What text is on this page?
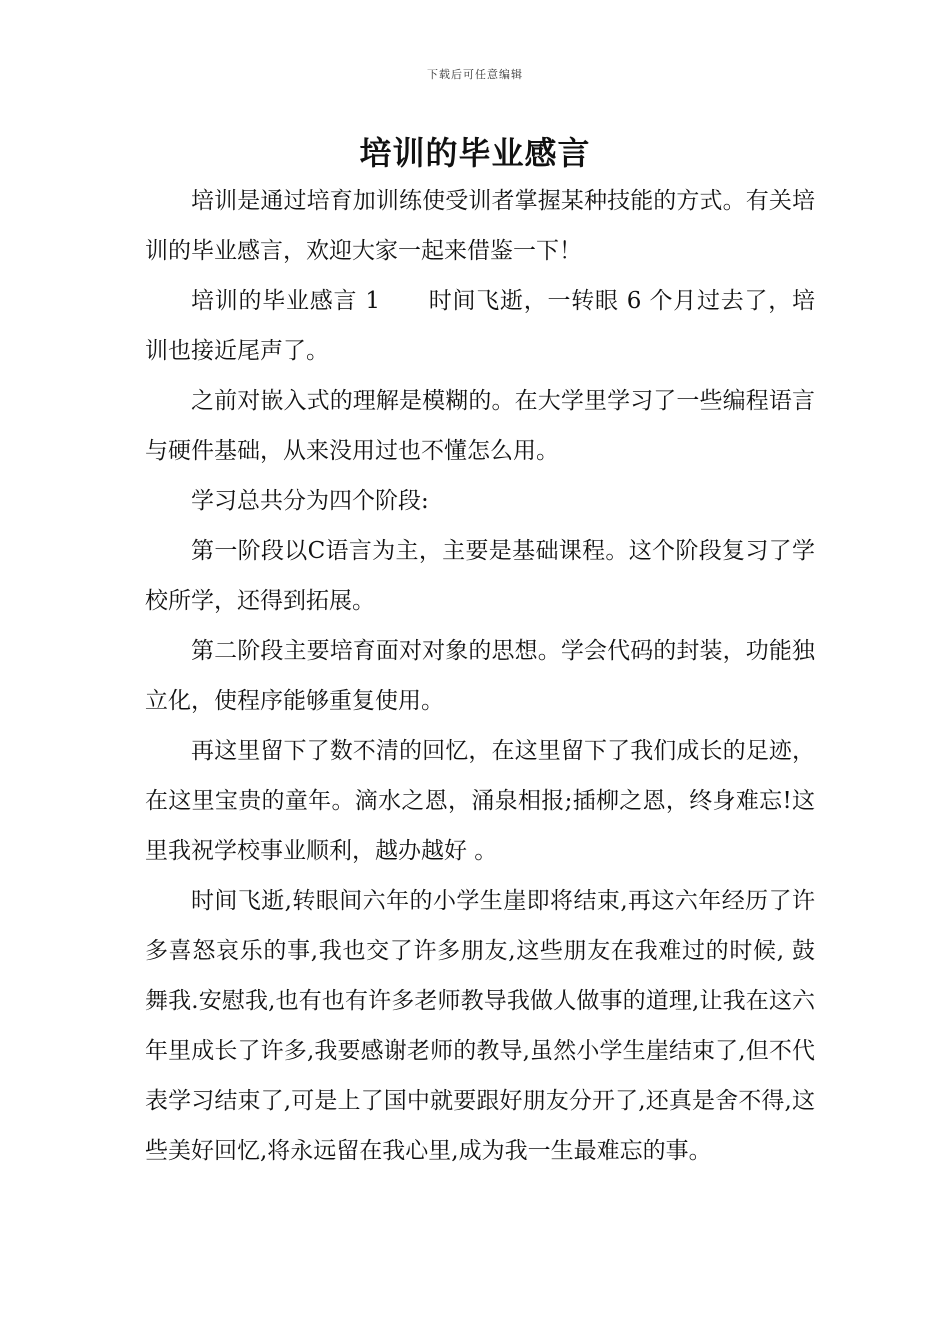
下载后可任意编辑
培训的毕业感言

培训是通过培育加训练使受训者掌握某种技能的方式。有关培训的毕业感言，欢迎大家一起来借鉴一下！

培训的毕业感言 1 时间飞逝，一转眼 6 个月过去了，培训也接近尾声了。

之前对嵌入式的理解是模糊的。在大学里学习了一些编程语言与硬件基础，从来没用过也不懂怎么用。

学习总共分为四个阶段:

第一阶段以C语言为主，主要是基础课程。这个阶段复习了学校所学，还得到拓展。

第二阶段主要培育面对对象的思想。学会代码的封装，功能独立化，使程序能够重复使用。

再这里留下了数不清的回忆，在这里留下了我们成长的足迹，在这里宝贵的童年。滴水之恩，涌泉相报;插柳之恩，终身难忘!这里我祝学校事业顺利，越办越好 。

时间飞逝,转眼间六年的小学生崖即将结束,再这六年经历了许多喜怒哀乐的事,我也交了许多朋友,这些朋友在我难过的时候, 鼓舞我.安慰我,也有也有许多老师教导我做人做事的道理,让我在这六年里成长了许多,我要感谢老师的教导,虽然小学生崖结束了,但不代表学习结束了,可是上了国中就要跟好朋友分开了,还真是舍不得,这些美好回忆,将永远留在我心里,成为我一生最难忘的事。
